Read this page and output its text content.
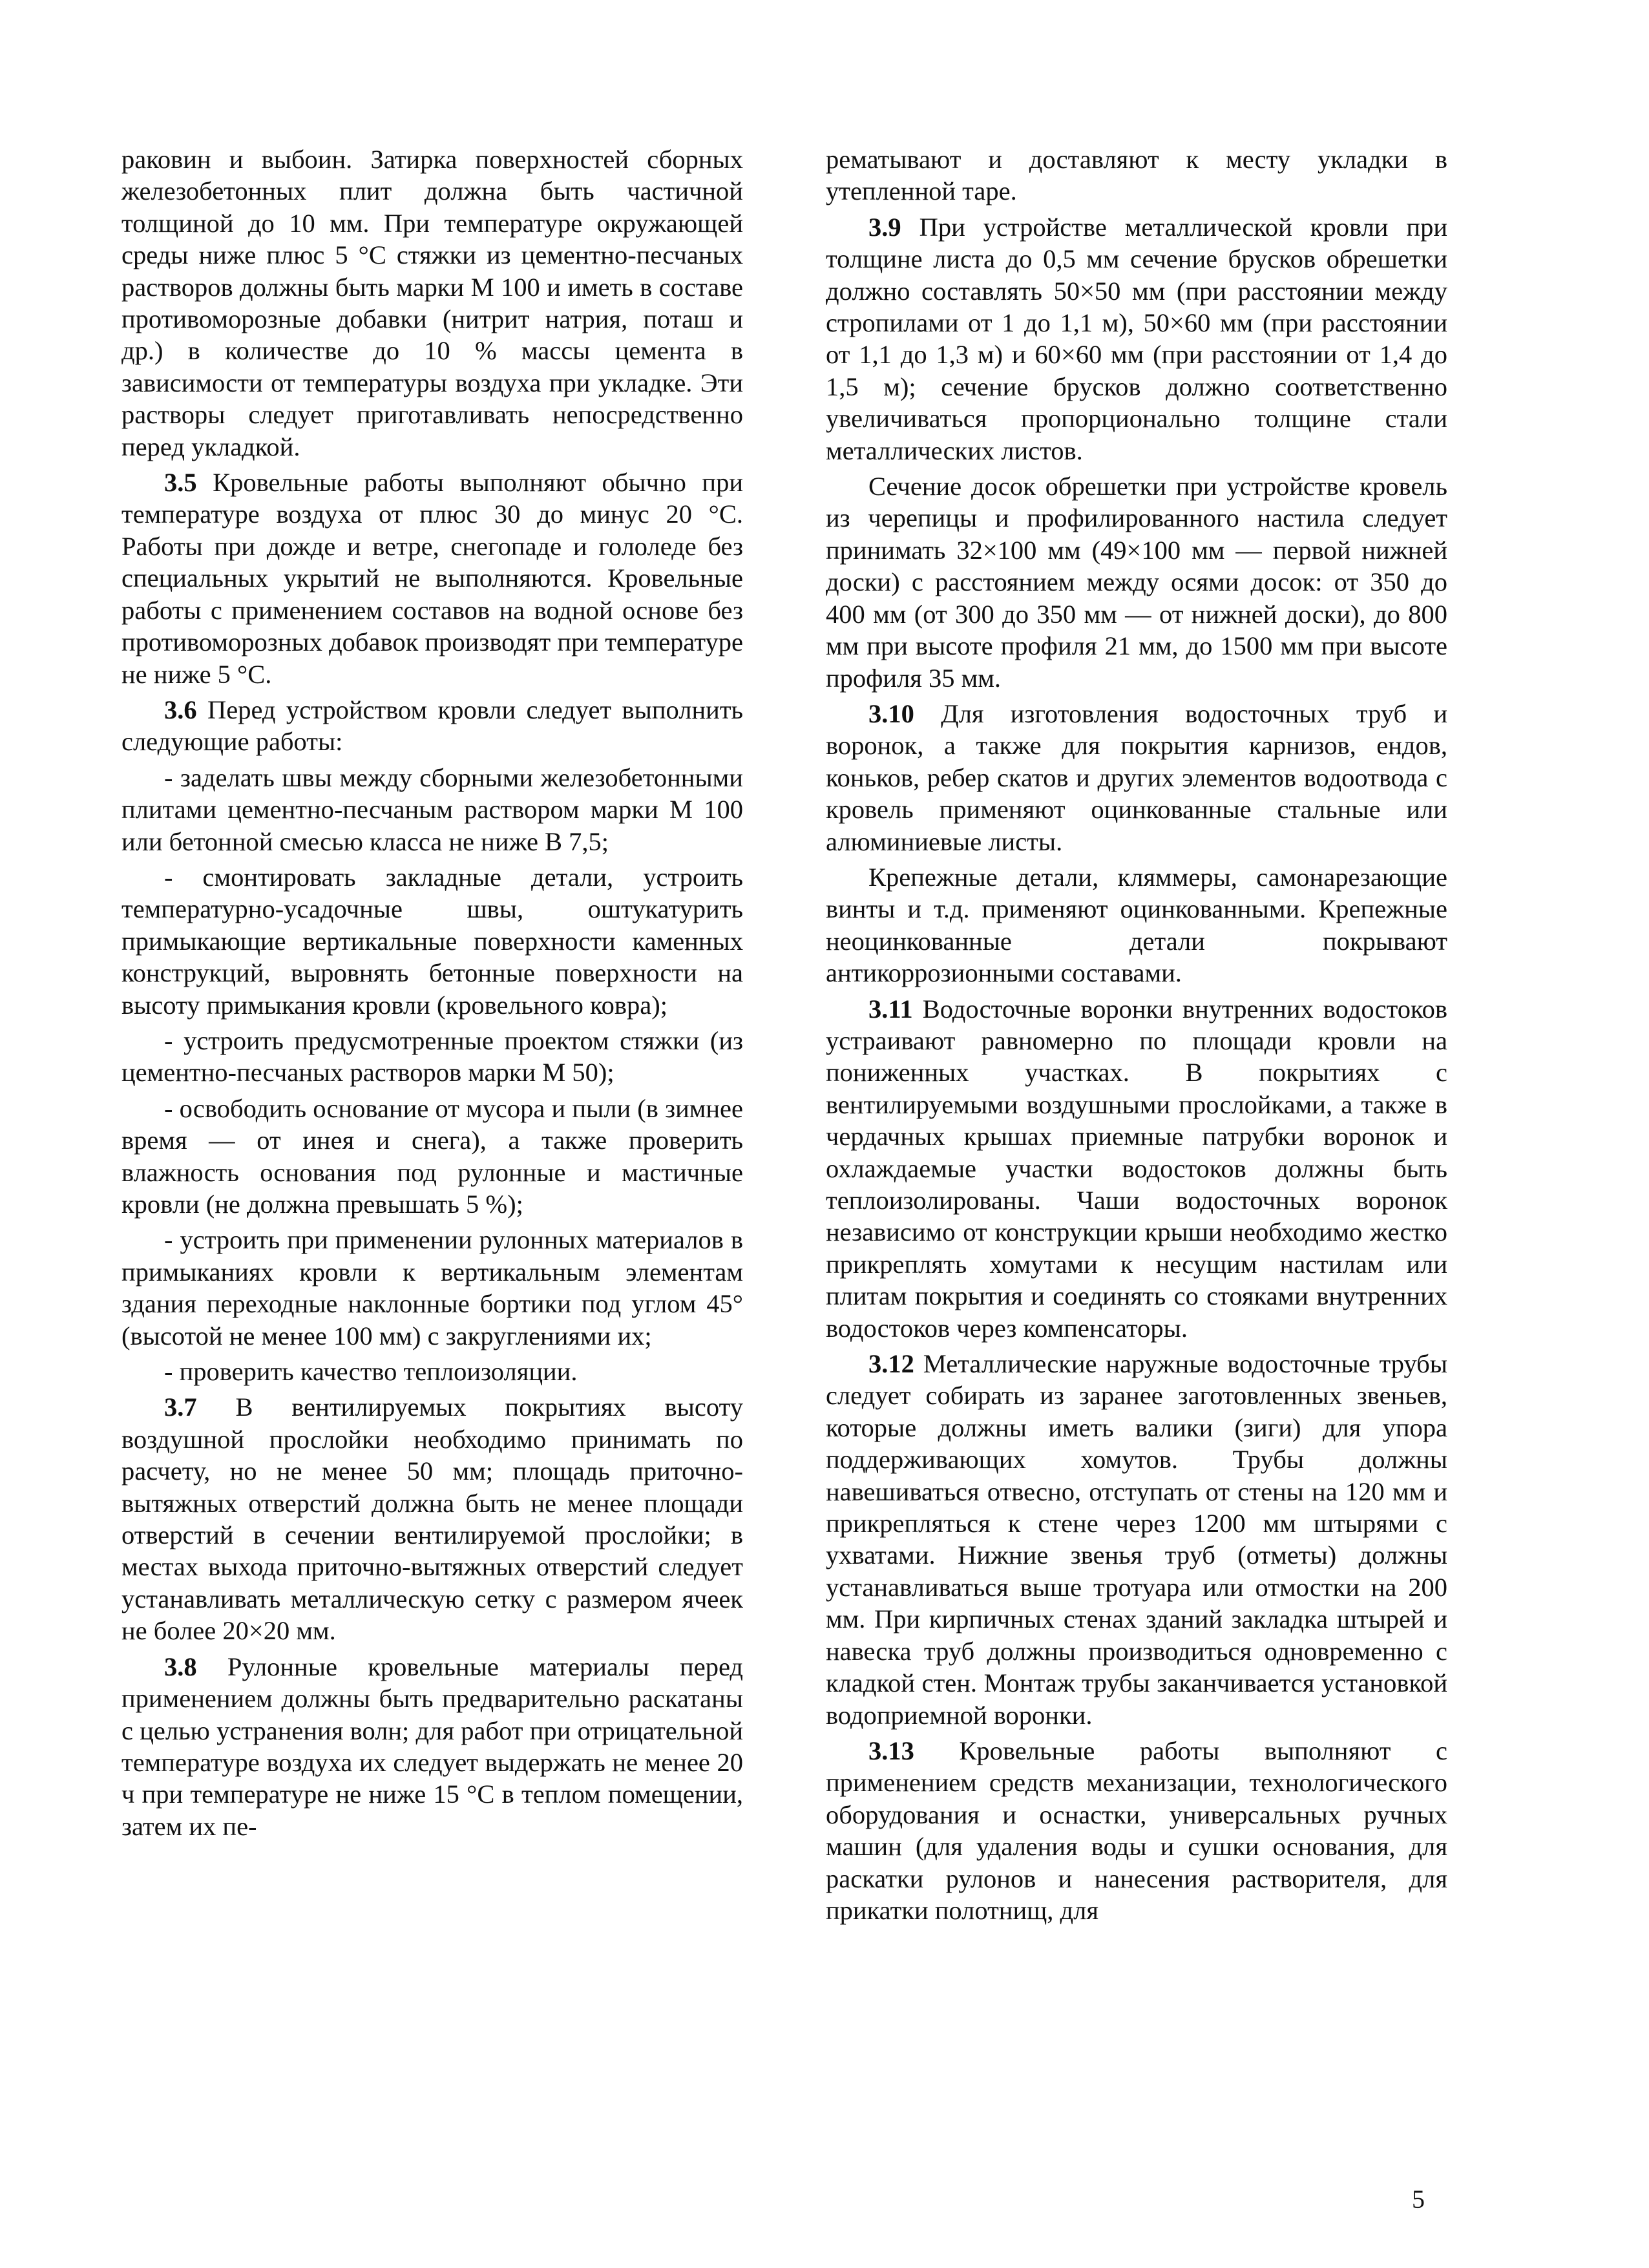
раковин и выбоин. Затирка поверхностей сборных железобетонных плит должна быть частичной толщиной до 10 мм. При температуре окружающей среды ниже плюс 5 °С стяжки из цементно-песчаных растворов должны быть марки М 100 и иметь в составе противоморозные добавки (нитрит натрия, поташ и др.) в количестве до 10 % массы цемента в зависимости от температуры воздуха при укладке. Эти растворы следует приготавливать непосредственно перед укладкой.

3.5 Кровельные работы выполняют обычно при температуре воздуха от плюс 30 до минус 20 °С. Работы при дожде и ветре, снегопаде и гололеде без специальных укрытий не выполняются. Кровельные работы с применением составов на водной основе без противоморозных добавок производят при температуре не ниже 5 °С.

3.6 Перед устройством кровли следует выполнить следующие работы:

- заделать швы между сборными железобетонными плитами цементно-песчаным раствором марки М 100 или бетонной смесью класса не ниже В 7,5;

- смонтировать закладные детали, устроить температурно-усадочные швы, оштукатурить примыкающие вертикальные поверхности каменных конструкций, выровнять бетонные поверхности на высоту примыкания кровли (кровельного ковра);

- устроить предусмотренные проектом стяжки (из цементно-песчаных растворов марки М 50);

- освободить основание от мусора и пыли (в зимнее время — от инея и снега), а также проверить влажность основания под рулонные и мастичные кровли (не должна превышать 5 %);

- устроить при применении рулонных материалов в примыканиях кровли к вертикальным элементам здания переходные наклонные бортики под углом 45° (высотой не менее 100 мм) с закруглениями их;

- проверить качество теплоизоляции.

3.7 В вентилируемых покрытиях высоту воздушной прослойки необходимо принимать по расчету, но не менее 50 мм; площадь приточно-вытяжных отверстий должна быть не менее площади отверстий в сечении вентилируемой прослойки; в местах выхода приточно-вытяжных отверстий следует устанавливать металлическую сетку с размером ячеек не более 20×20 мм.

3.8 Рулонные кровельные материалы перед применением должны быть предварительно раскатаны с целью устранения волн; для работ при отрицательной температуре воздуха их следует выдержать не менее 20 ч при температуре не ниже 15 °С в теплом помещении, затем их пе-

рематывают и доставляют к месту укладки в утепленной таре.

3.9 При устройстве металлической кровли при толщине листа до 0,5 мм сечение брусков обрешетки должно составлять 50×50 мм (при расстоянии между стропилами от 1 до 1,1 м), 50×60 мм (при расстоянии от 1,1 до 1,3 м) и 60×60 мм (при расстоянии от 1,4 до 1,5 м); сечение брусков должно соответственно увеличиваться пропорционально толщине стали металлических листов.

Сечение досок обрешетки при устройстве кровель из черепицы и профилированного настила следует принимать 32×100 мм (49×100 мм — первой нижней доски) с расстоянием между осями досок: от 350 до 400 мм (от 300 до 350 мм — от нижней доски), до 800 мм при высоте профиля 21 мм, до 1500 мм при высоте профиля 35 мм.

3.10 Для изготовления водосточных труб и воронок, а также для покрытия карнизов, ендов, коньков, ребер скатов и других элементов водоотвода с кровель применяют оцинкованные стальные или алюминиевые листы.

Крепежные детали, кляммеры, самонарезающие винты и т.д. применяют оцинкованными. Крепежные неоцинкованные детали покрывают антикоррозионными составами.

3.11 Водосточные воронки внутренних водостоков устраивают равномерно по площади кровли на пониженных участках. В покрытиях с вентилируемыми воздушными прослойками, а также в чердачных крышах приемные патрубки воронок и охлаждаемые участки водостоков должны быть теплоизолированы. Чаши водосточных воронок независимо от конструкции крыши необходимо жестко прикреплять хомутами к несущим настилам или плитам покрытия и соединять со стояками внутренних водостоков через компенсаторы.

3.12 Металлические наружные водосточные трубы следует собирать из заранее заготовленных звеньев, которые должны иметь валики (зиги) для упора поддерживающих хомутов. Трубы должны навешиваться отвесно, отступать от стены на 120 мм и прикрепляться к стене через 1200 мм штырями с ухватами. Нижние звенья труб (отметы) должны устанавливаться выше тротуара или отмостки на 200 мм. При кирпичных стенах зданий закладка штырей и навеска труб должны производиться одновременно с кладкой стен. Монтаж трубы заканчивается установкой водоприемной воронки.

3.13 Кровельные работы выполняют с применением средств механизации, технологического оборудования и оснастки, универсальных ручных машин (для удаления воды и сушки основания, для раскатки рулонов и нанесения растворителя, для прикатки полотнищ, для

5
